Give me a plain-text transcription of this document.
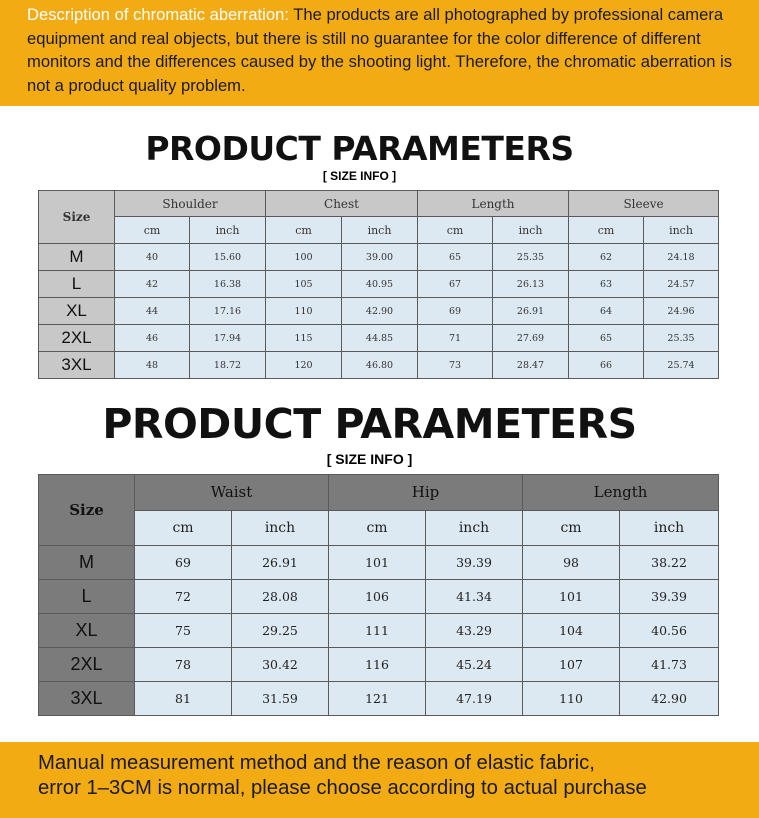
Description of chromatic aberration: The products are all photographed by professional camera equipment and real objects, but there is still no guarantee for the color difference of different monitors and the differences caused by the shooting light. Therefore, the chromatic aberration is not a product quality problem.
PRODUCT PARAMETERS
[ SIZE INFO ]
Size	Shoulder		Chest		Length		Sleeve	
	cm	inch	cm	inch	cm	inch	cm	inch
M	40	15.60	100	39.00	65	25.35	62	24.18
L	42	16.38	105	40.95	67	26.13	63	24.57
XL	44	17.16	110	42.90	69	26.91	64	24.96
2XL	46	17.94	115	44.85	71	27.69	65	25.35
3XL	48	18.72	120	46.80	73	28.47	66	25.74
PRODUCT PARAMETERS
[ SIZE INFO ]
Size	Waist		Hip		Length	
	cm	inch	cm	inch	cm	inch
M	69	26.91	101	39.39	98	38.22
L	72	28.08	106	41.34	101	39.39
XL	75	29.25	111	43.29	104	40.56
2XL	78	30.42	116	45.24	107	41.73
3XL	81	31.59	121	47.19	110	42.90
Manual measurement method and the reason of elastic fabric,
error 1–3CM is normal, please choose according to actual purchase
